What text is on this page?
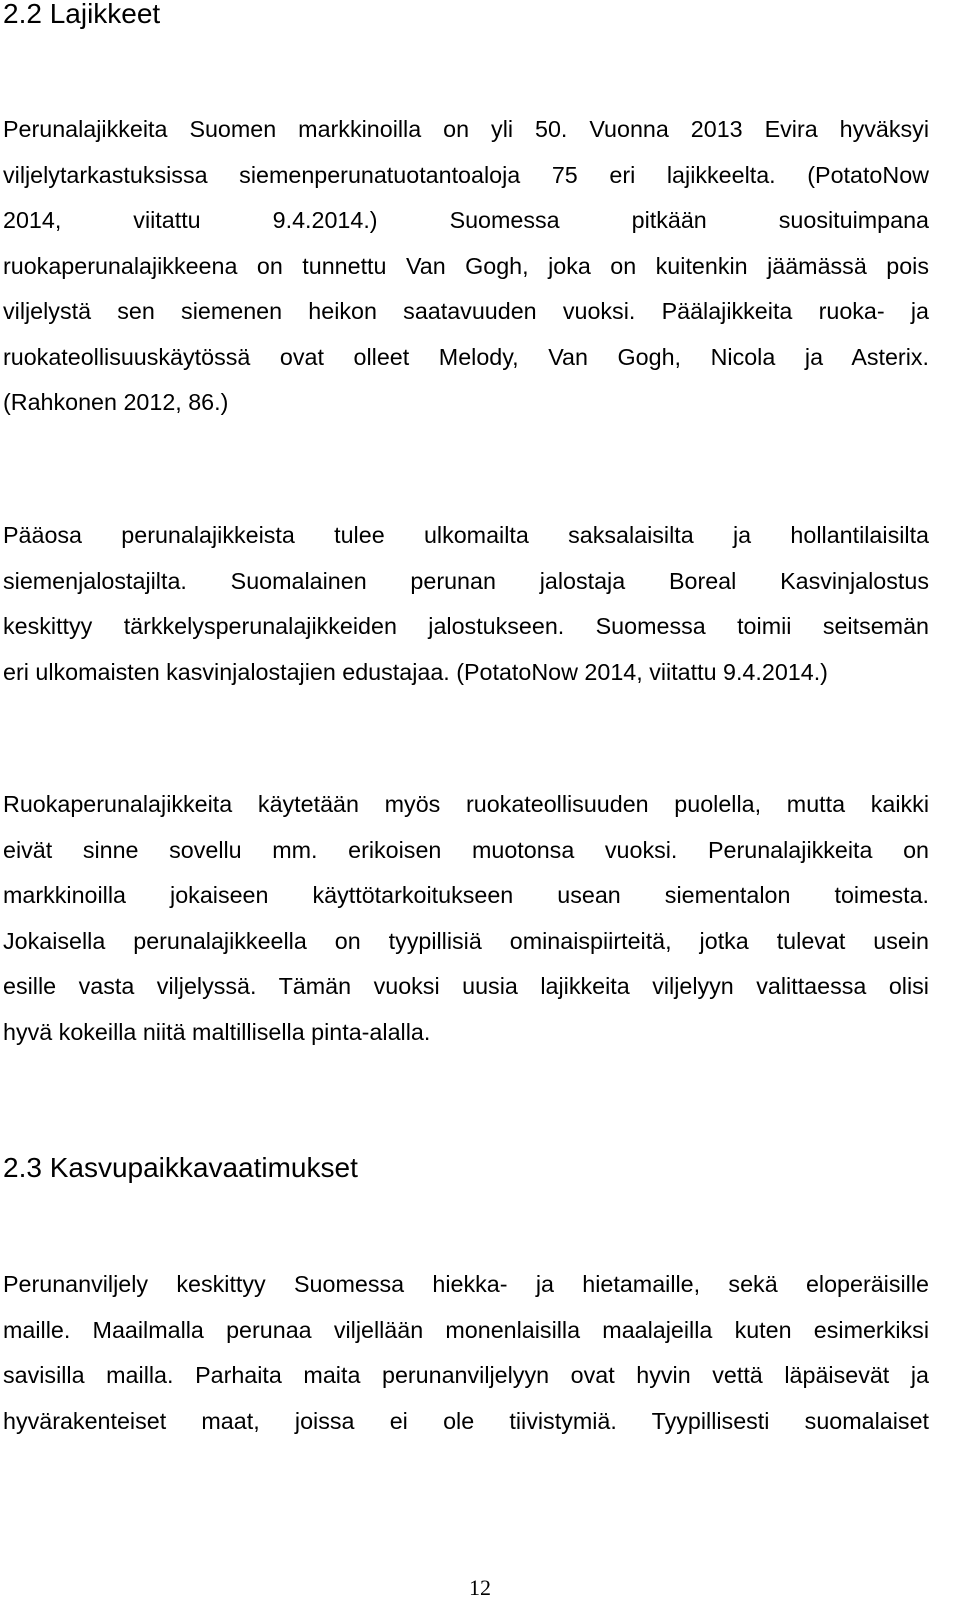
2.2 Lajikkeet
Perunalajikkeita Suomen markkinoilla on yli 50. Vuonna 2013 Evira hyväksyi
viljelytarkastuksissa siemenperunatuotantoaloja 75 eri lajikkeelta. (PotatoNow
2014, viitattu 9.4.2014.) Suomessa pitkään suosituimpana
ruokaperunalajikkeena on tunnettu Van Gogh, joka on kuitenkin jäämässä pois
viljelystä sen siemenen heikon saatavuuden vuoksi. Päälajikkeita ruoka- ja
ruokateollisuuskäytössä ovat olleet Melody, Van Gogh, Nicola ja Asterix.
(Rahkonen 2012, 86.)
Pääosa perunalajikkeista tulee ulkomailta saksalaisilta ja hollantilaisilta
siemenjalostajilta. Suomalainen perunan jalostaja Boreal Kasvinjalostus
keskittyy tärkkelysperunalajikkeiden jalostukseen. Suomessa toimii seitsemän
eri ulkomaisten kasvinjalostajien edustajaa. (PotatoNow 2014, viitattu 9.4.2014.)
Ruokaperunalajikkeita käytetään myös ruokateollisuuden puolella, mutta kaikki
eivät sinne sovellu mm. erikoisen muotonsa vuoksi. Perunalajikkeita on
markkinoilla jokaiseen käyttötarkoitukseen usean siementalon toimesta.
Jokaisella perunalajikkeella on tyypillisiä ominaispiirteitä, jotka tulevat usein
esille vasta viljelyssä. Tämän vuoksi uusia lajikkeita viljelyyn valittaessa olisi
hyvä kokeilla niitä maltillisella pinta-alalla.
2.3 Kasvupaikkavaatimukset
Perunanviljely keskittyy Suomessa hiekka- ja hietamaille, sekä eloperäisille
maille. Maailmalla perunaa viljellään monenlaisilla maalajeilla kuten esimerkiksi
savisilla mailla. Parhaita maita perunanviljelyyn ovat hyvin vettä läpäisevät ja
hyvärakenteiset maat, joissa ei ole tiivistymiä. Tyypillisesti suomalaiset
12
